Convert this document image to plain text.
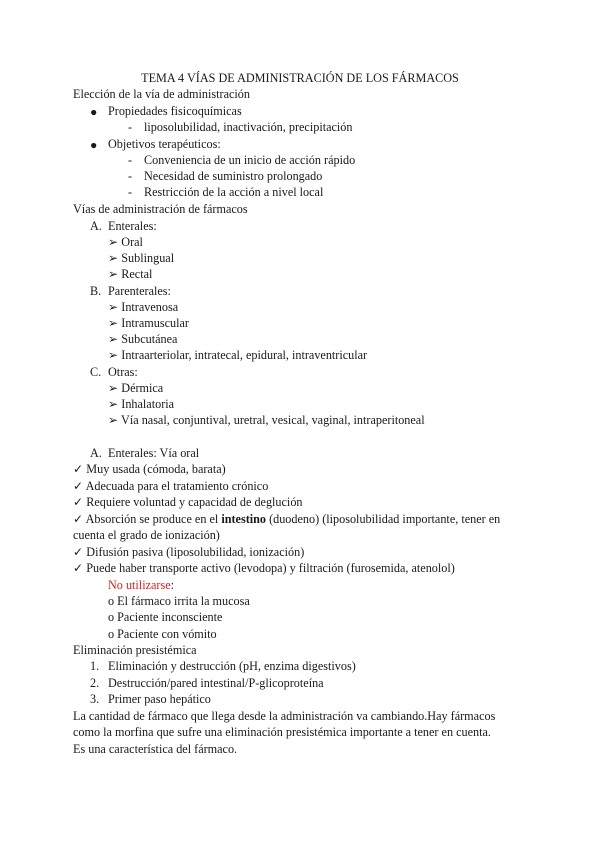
TEMA 4 VÍAS DE ADMINISTRACIÓN DE LOS FÁRMACOS
Elección de la vía de administración
● Propiedades fisicoquímicas
- liposolubilidad, inactivación, precipitación
● Objetivos terapéuticos:
- Conveniencia de un inicio de acción rápido
- Necesidad de suministro prolongado
- Restricción de la acción a nivel local
Vías de administración de fármacos
A. Enterales:
➢ Oral
➢ Sublingual
➢ Rectal
B. Parenterales:
➢ Intravenosa
➢ Intramuscular
➢ Subcutánea
➢ Intraarteriolar, intratecal, epidural, intraventricular
C. Otras:
➢ Dérmica
➢ Inhalatoria
➢ Vía nasal, conjuntival, uretral, vesical, vaginal, intraperitoneal
A. Enterales: Vía oral
✓ Muy usada (cómoda, barata)
✓ Adecuada para el tratamiento crónico
✓ Requiere voluntad y capacidad de deglución
✓ Absorción se produce en el intestino (duodeno) (liposolubilidad importante, tener en
cuenta el grado de ionización)
✓ Difusión pasiva (liposolubilidad, ionización)
✓ Puede haber transporte activo (levodopa) y filtración (furosemida, atenolol)
No utilizarse:
o El fármaco irrita la mucosa
o Paciente inconsciente
o Paciente con vómito
Eliminación presistémica
1. Eliminación y destrucción (pH, enzima digestivos)
2. Destrucción/pared intestinal/P-glicoproteína
3. Primer paso hepático
La cantidad de fármaco que llega desde la administración va cambiando.Hay fármacos
como la morfina que sufre una eliminación presistémica importante a tener en cuenta.
Es una característica del fármaco.
